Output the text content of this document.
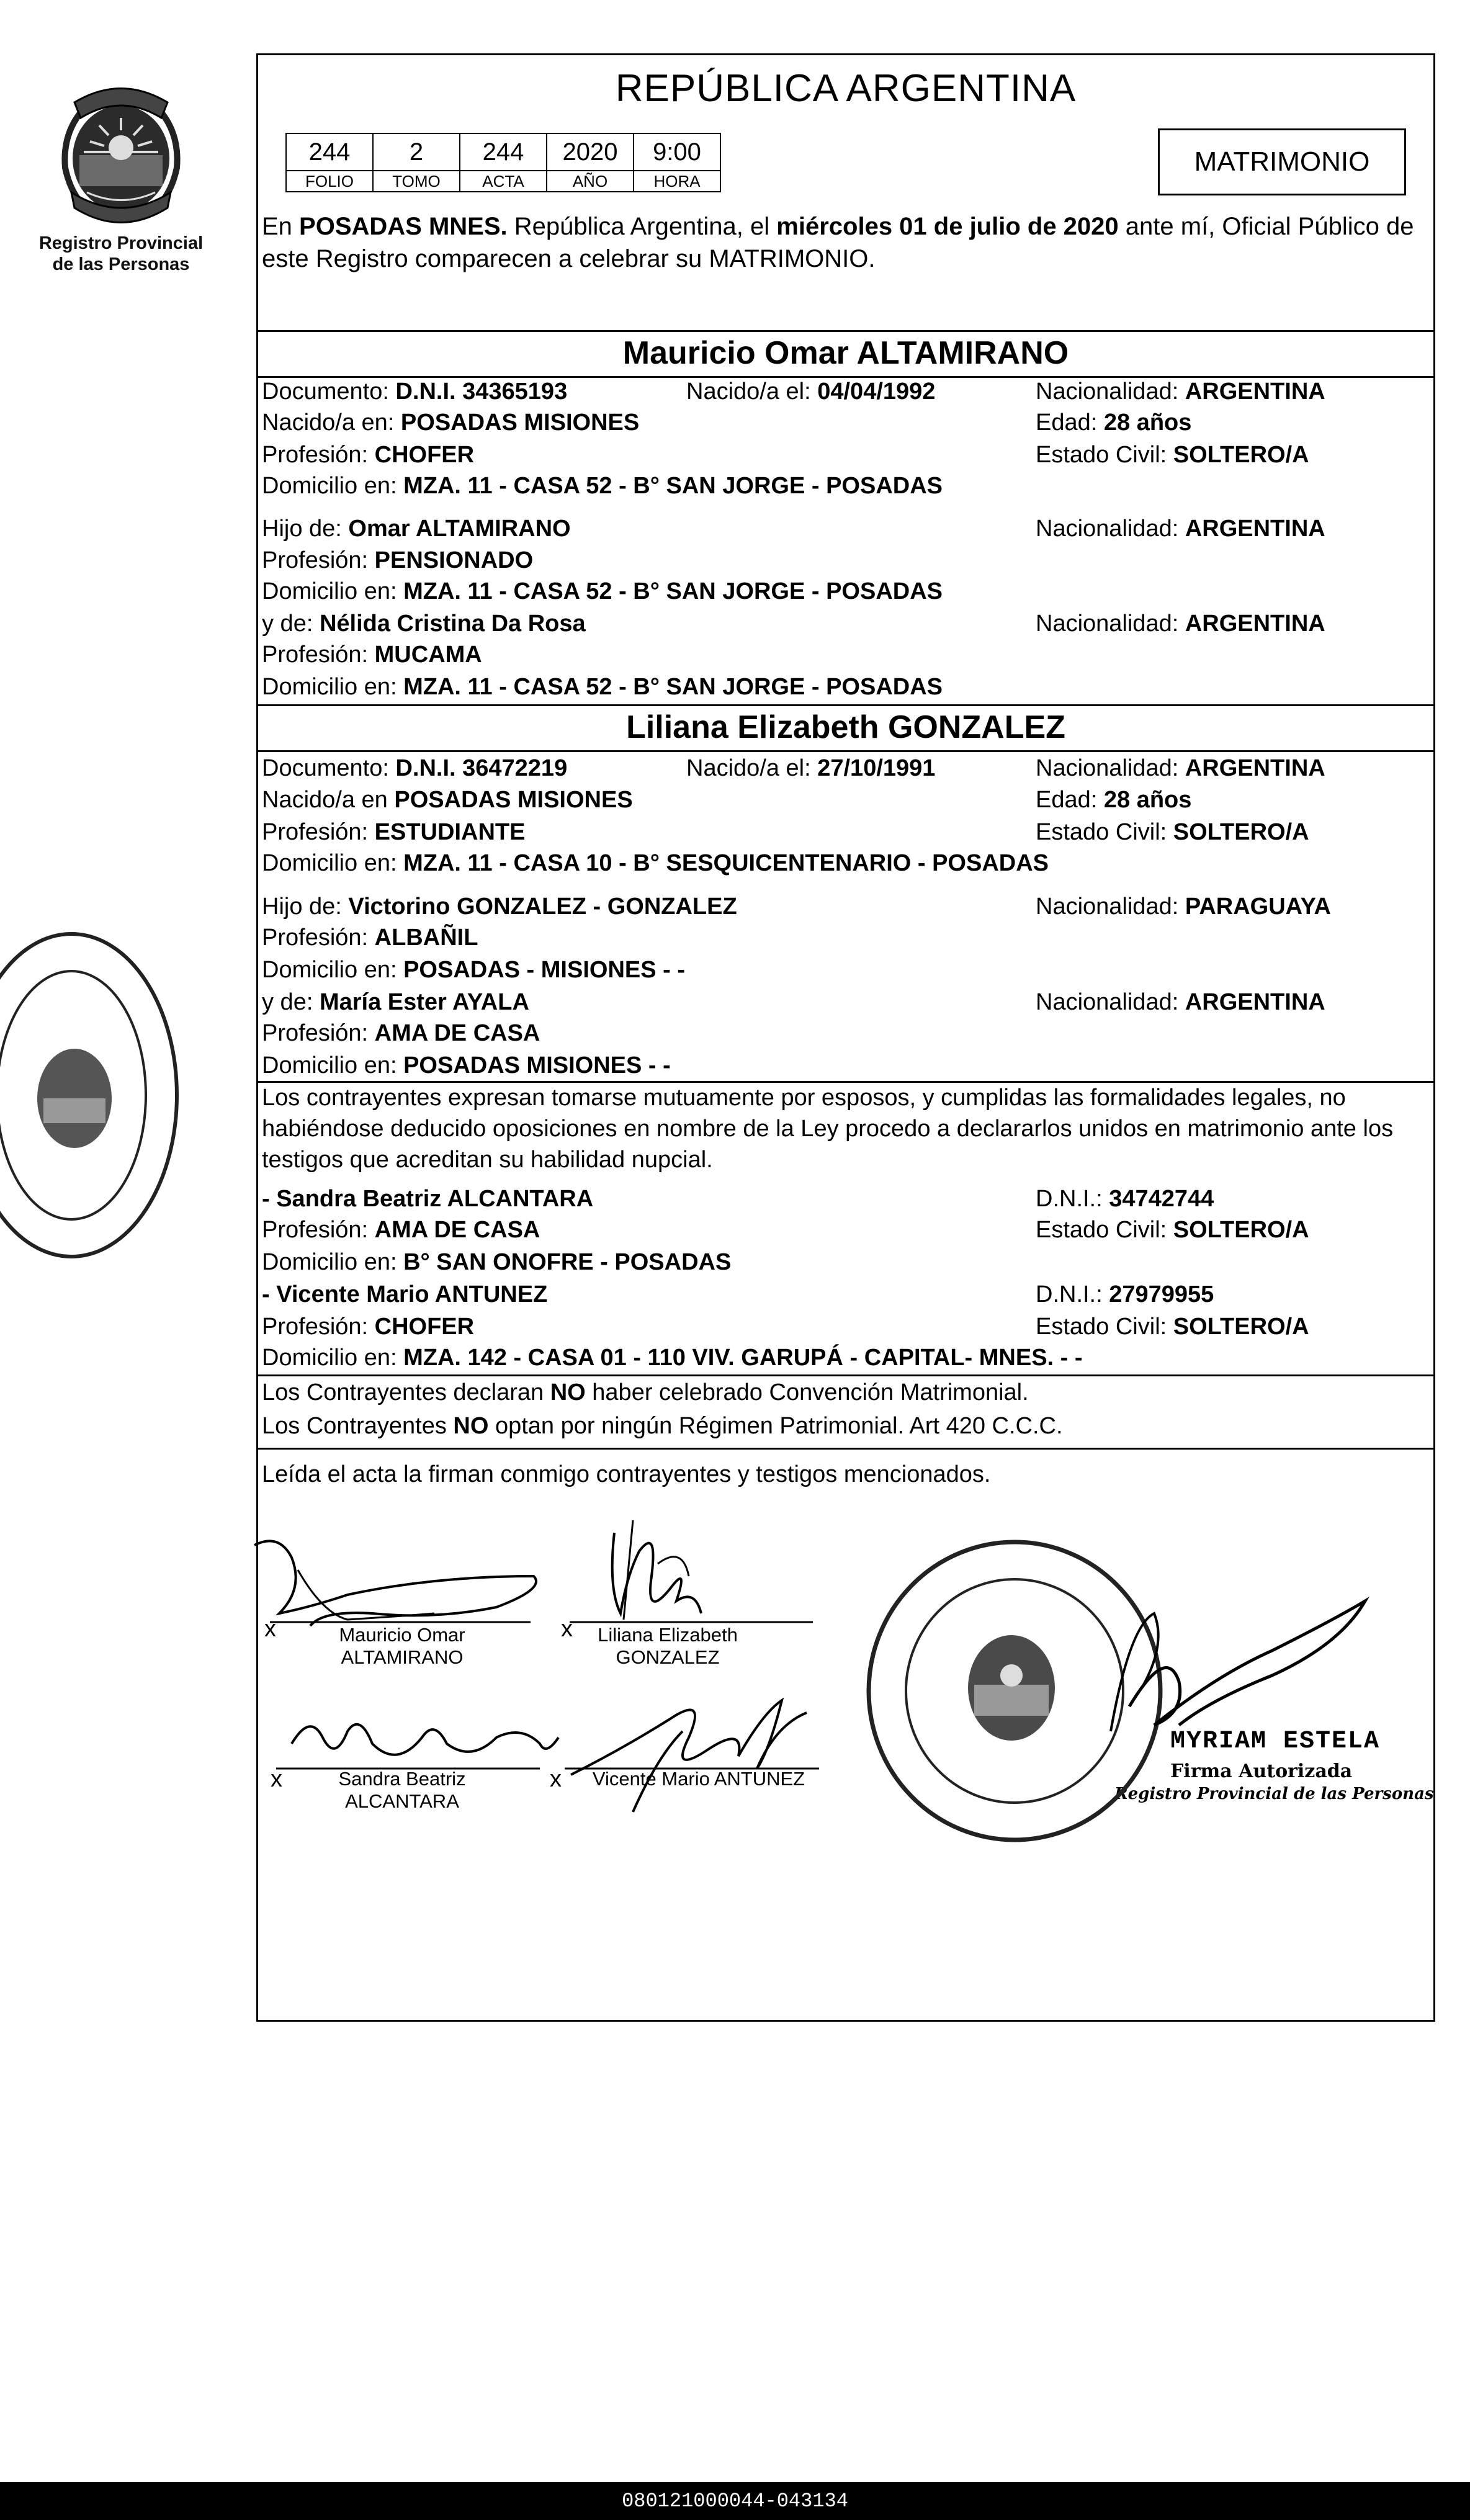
Registro Provincial
de las Personas
REPÚBLICA ARGENTINA
244	2	244	2020	9:00
FOLIO	TOMO	ACTA	AÑO	HORA
MATRIMONIO
En POSADAS MNES. República Argentina, el miércoles 01 de julio de 2020 ante mí, Oficial Público de este Registro comparecen a celebrar su MATRIMONIO.
Mauricio Omar ALTAMIRANO
Documento: D.N.I. 34365193	Nacido/a el: 04/04/1992	Nacionalidad: ARGENTINA
Nacido/a en: POSADAS MISIONES	Edad: 28 años
Profesión: CHOFER	Estado Civil: SOLTERO/A
Domicilio en: MZA. 11 - CASA 52 - B° SAN JORGE - POSADAS
Hijo de: Omar ALTAMIRANO	Nacionalidad: ARGENTINA
Profesión: PENSIONADO
Domicilio en: MZA. 11 - CASA 52 - B° SAN JORGE - POSADAS
y de: Nélida Cristina Da Rosa	Nacionalidad: ARGENTINA
Profesión: MUCAMA
Domicilio en: MZA. 11 - CASA 52 - B° SAN JORGE - POSADAS
Liliana Elizabeth GONZALEZ
Documento: D.N.I. 36472219	Nacido/a el: 27/10/1991	Nacionalidad: ARGENTINA
Nacido/a en POSADAS MISIONES	Edad: 28 años
Profesión: ESTUDIANTE	Estado Civil: SOLTERO/A
Domicilio en: MZA. 11 - CASA 10 - B° SESQUICENTENARIO - POSADAS
Hijo de: Victorino GONZALEZ - GONZALEZ	Nacionalidad: PARAGUAYA
Profesión: ALBAÑIL
Domicilio en: POSADAS - MISIONES - -
y de: María Ester AYALA	Nacionalidad: ARGENTINA
Profesión: AMA DE CASA
Domicilio en: POSADAS MISIONES - -
Los contrayentes expresan tomarse mutuamente por esposos, y cumplidas las formalidades legales, no habiéndose deducido oposiciones en nombre de la Ley procedo a declararlos unidos en matrimonio ante los testigos que acreditan su habilidad nupcial.
- Sandra Beatriz ALCANTARA	D.N.I.: 34742744
Profesión: AMA DE CASA	Estado Civil: SOLTERO/A
Domicilio en: B° SAN ONOFRE - POSADAS
- Vicente Mario ANTUNEZ	D.N.I.: 27979955
Profesión: CHOFER	Estado Civil: SOLTERO/A
Domicilio en: MZA. 142 - CASA 01 - 110 VIV. GARUPÁ - CAPITAL- MNES. - -
Los Contrayentes declaran NO haber celebrado Convención Matrimonial.
Los Contrayentes NO optan por ningún Régimen Patrimonial. Art 420 C.C.C.
Leída el acta la firman conmigo contrayentes y testigos mencionados.
Mauricio Omar
ALTAMIRANO
Liliana Elizabeth
GONZALEZ
Sandra Beatriz
ALCANTARA
Vicente Mario ANTUNEZ
x	x
x	x
MYRIAM ESTELA
Firma Autorizada
Registro Provincial de las Personas
080121000044-043134
